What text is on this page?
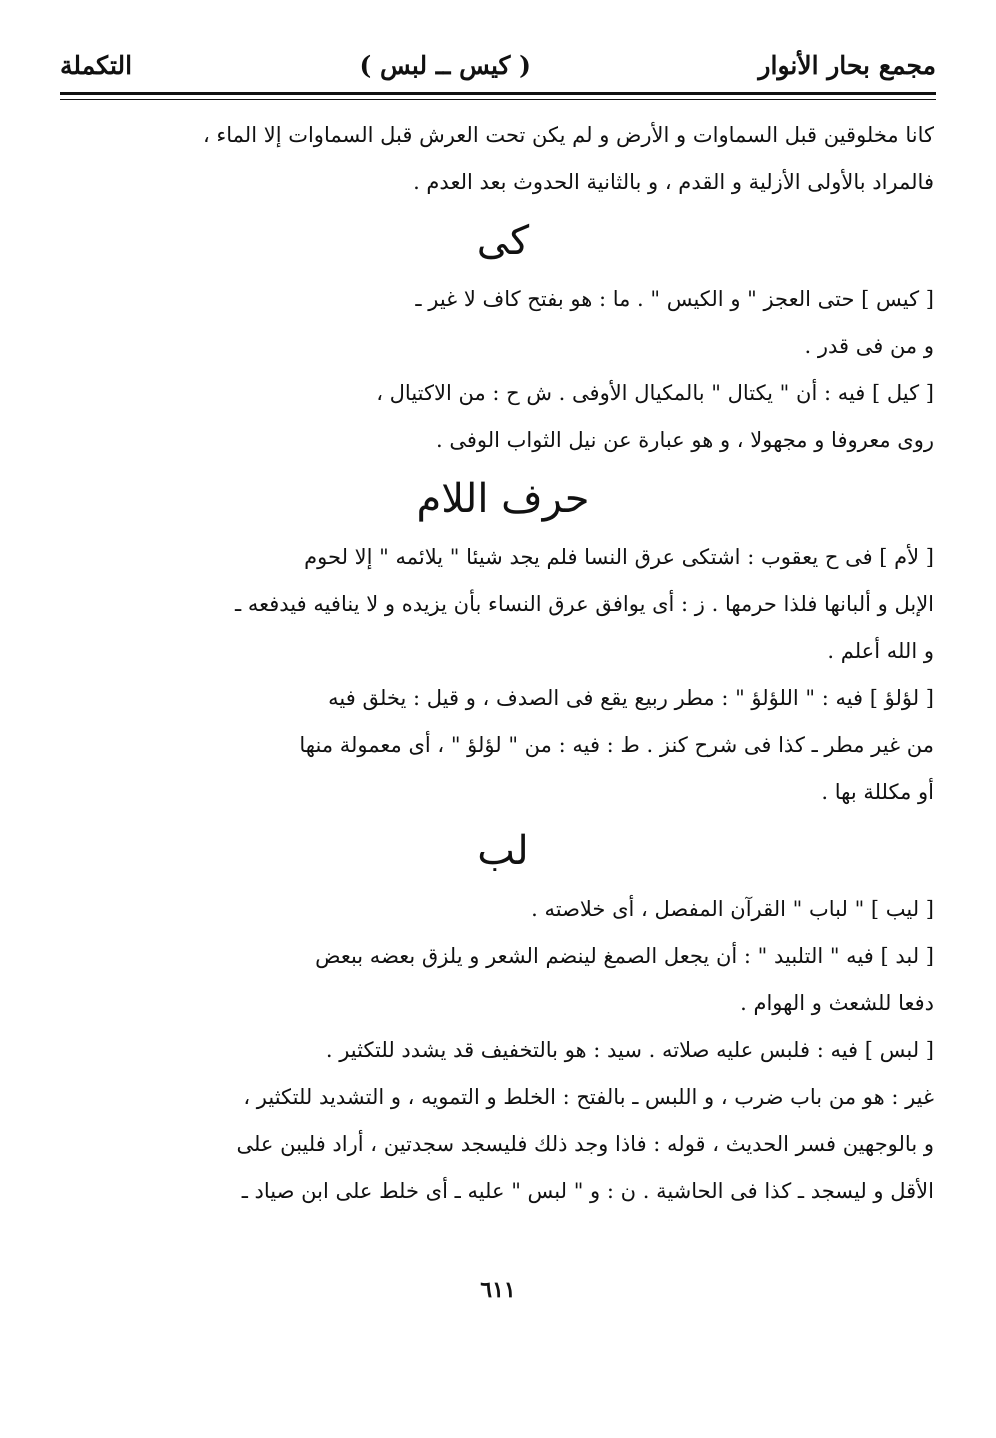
مجمع بحار الأنوار
( كيس ــ لبس )
التكملة
كانا مخلوقين قبل السماوات و الأرض و لم يكن تحت العرش قبل السماوات إلا الماء ،
فالمراد بالأولى الأزلية و القدم ، و بالثانية الحدوث بعد العدم .
كى
[ كيس ] حتى العجز " و الكيس " . ما : هو بفتح كاف لا غير ـ
و من فى قدر .
[ كيل ] فيه : أن " يكتال " بالمكيال الأوفى . ش ح : من الاكتيال ،
روى معروفا و مجهولا ، و هو عبارة عن نيل الثواب الوفى .
حرف اللام
[ لأم ] فى ح يعقوب : اشتكى عرق النسا فلم يجد شيئا " يلائمه " إلا لحوم
الإبل و ألبانها فلذا حرمها . ز : أى يوافق عرق النساء بأن يزيده و لا ينافيه فيدفعه ـ
و الله أعلم .
[ لؤلؤ ] فيه : " اللؤلؤ " : مطر ربيع يقع فى الصدف ، و قيل : يخلق فيه
من غير مطر ـ كذا فى شرح كنز . ط : فيه : من " لؤلؤ " ، أى معمولة منها
أو مكللة بها .
لب
[ ليب ] " لباب " القرآن المفصل ، أى خلاصته .
[ لبد ] فيه " التلبيد " : أن يجعل الصمغ لينضم الشعر و يلزق بعضه ببعض
دفعا للشعث و الهوام .
[ لبس ] فيه : فلبس عليه صلاته . سيد : هو بالتخفيف قد يشدد للتكثير .
غير : هو من باب ضرب ، و اللبس ـ بالفتح : الخلط و التمويه ، و التشديد للتكثير ،
و بالوجهين فسر الحديث ، قوله : فاذا وجد ذلك فليسجد سجدتين ، أراد فليبن على
الأقل و ليسجد ـ كذا فى الحاشية . ن : و " لبس " عليه ـ أى خلط على ابن صياد ـ
٦١١
